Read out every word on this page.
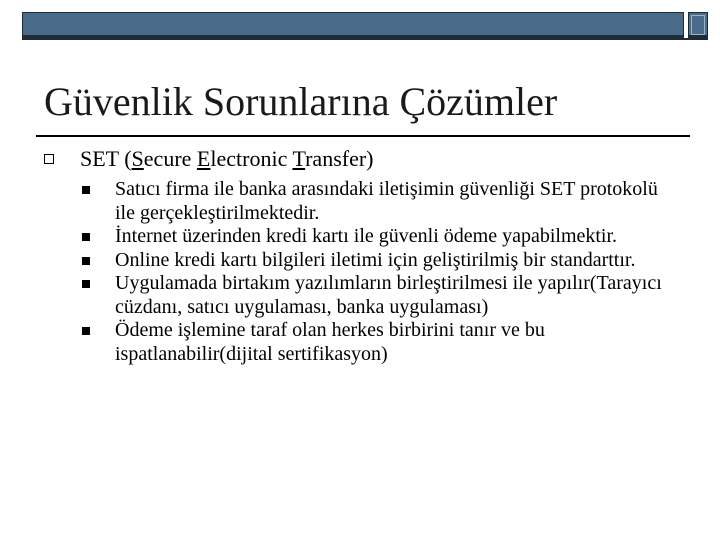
Güvenlik Sorunlarına Çözümler
SET (Secure Electronic Transfer)
Satıcı firma ile banka arasındaki iletişimin güvenliği SET protokolü ile gerçekleştirilmektedir.
İnternet üzerinden kredi kartı ile güvenli ödeme yapabilmektir.
Online kredi kartı bilgileri iletimi için geliştirilmiş bir standarttır.
Uygulamada birtakım yazılımların birleştirilmesi ile yapılır(Tarayıcı cüzdanı, satıcı uygulaması, banka uygulaması)
Ödeme işlemine taraf olan herkes birbirini tanır ve bu ispatlanabilir(dijital sertifikasyon)
